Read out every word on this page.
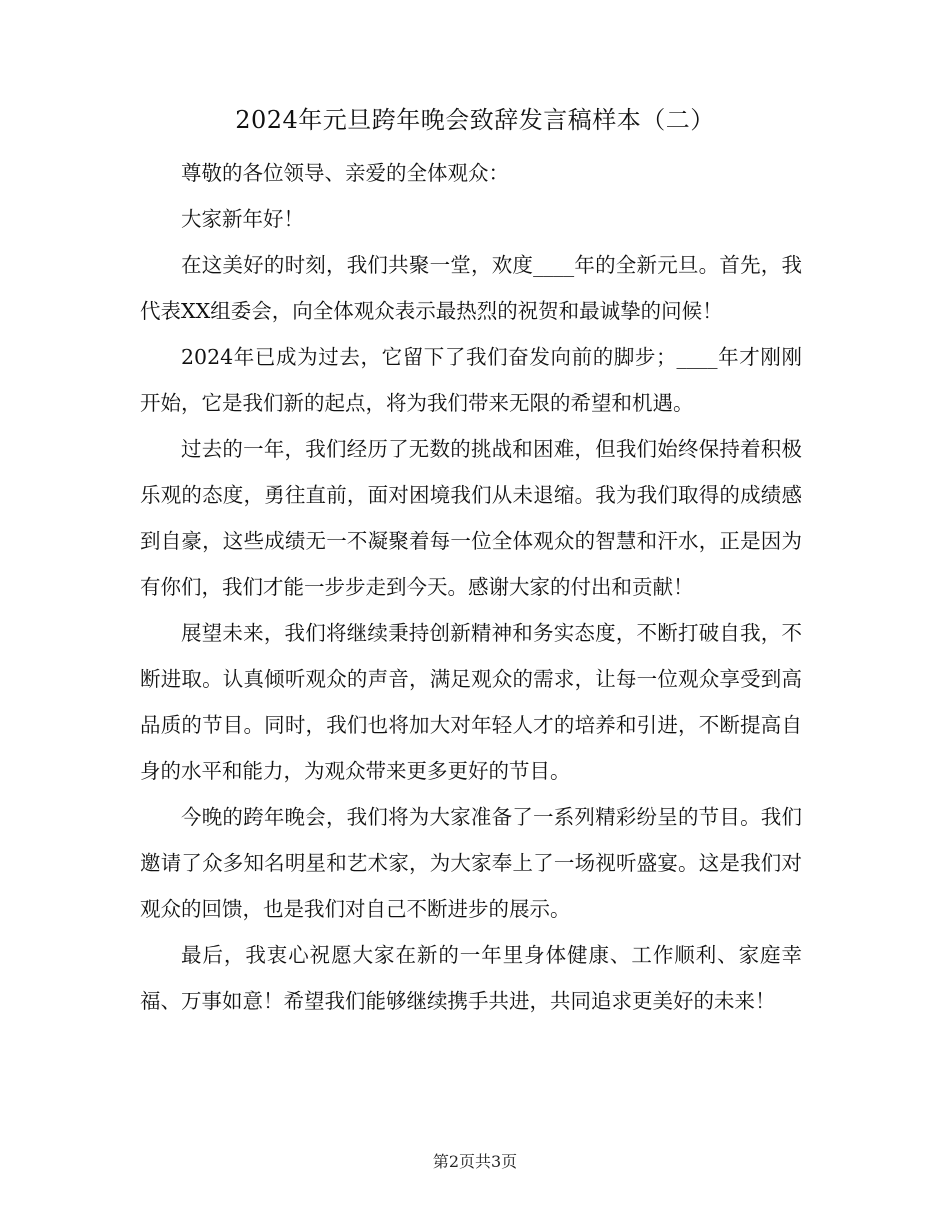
2024年元旦跨年晚会致辞发言稿样本（二）

尊敬的各位领导、亲爱的全体观众：

大家新年好！

在这美好的时刻，我们共聚一堂，欢度____年的全新元旦。首先，我代表XX组委会，向全体观众表示最热烈的祝贺和最诚挚的问候！

2024年已成为过去，它留下了我们奋发向前的脚步；____年才刚刚开始，它是我们新的起点，将为我们带来无限的希望和机遇。

过去的一年，我们经历了无数的挑战和困难，但我们始终保持着积极乐观的态度，勇往直前，面对困境我们从未退缩。我为我们取得的成绩感到自豪，这些成绩无一不凝聚着每一位全体观众的智慧和汗水，正是因为有你们，我们才能一步步走到今天。感谢大家的付出和贡献！

展望未来，我们将继续秉持创新精神和务实态度，不断打破自我，不断进取。认真倾听观众的声音，满足观众的需求，让每一位观众享受到高品质的节目。同时，我们也将加大对年轻人才的培养和引进，不断提高自身的水平和能力，为观众带来更多更好的节目。

今晚的跨年晚会，我们将为大家准备了一系列精彩纷呈的节目。我们邀请了众多知名明星和艺术家，为大家奉上了一场视听盛宴。这是我们对观众的回馈，也是我们对自己不断进步的展示。

最后，我衷心祝愿大家在新的一年里身体健康、工作顺利、家庭幸福、万事如意！希望我们能够继续携手共进，共同追求更美好的未来！

第2页共3页
